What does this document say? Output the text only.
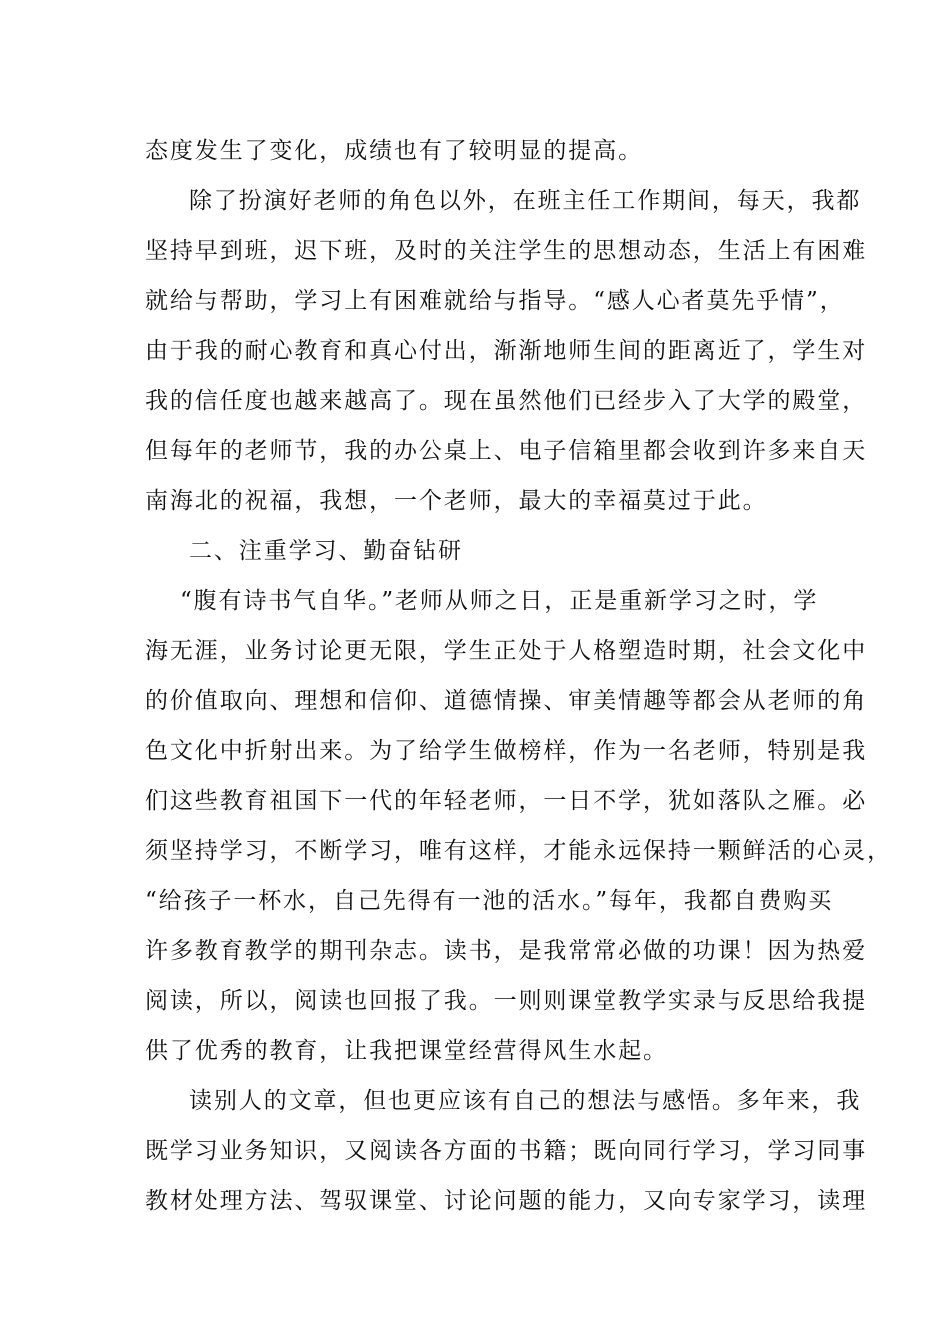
态度发生了变化，成绩也有了较明显的提高。

除了扮演好老师的角色以外，在班主任工作期间，每天，我都

坚持早到班，迟下班，及时的关注学生的思想动态，生活上有困难

就给与帮助，学习上有困难就给与指导。“感人心者莫先乎情”，

由于我的耐心教育和真心付出，渐渐地师生间的距离近了，学生对

我的信任度也越来越高了。现在虽然他们已经步入了大学的殿堂，

但每年的老师节，我的办公桌上、电子信箱里都会收到许多来自天

南海北的祝福，我想，一个老师，最大的幸福莫过于此。

二、注重学习、勤奋钻研

“腹有诗书气自华。”老师从师之日，正是重新学习之时，学

海无涯，业务讨论更无限，学生正处于人格塑造时期，社会文化中

的价值取向、理想和信仰、道德情操、审美情趣等都会从老师的角

色文化中折射出来。为了给学生做榜样，作为一名老师，特别是我

们这些教育祖国下一代的年轻老师，一日不学，犹如落队之雁。必

须坚持学习，不断学习，唯有这样，才能永远保持一颗鲜活的心灵，

“给孩子一杯水，自己先得有一池的活水。”每年，我都自费购买

许多教育教学的期刊杂志。读书，是我常常必做的功课！因为热爱

阅读，所以，阅读也回报了我。一则则课堂教学实录与反思给我提

供了优秀的教育，让我把课堂经营得风生水起。

读别人的文章，但也更应该有自己的想法与感悟。多年来，我

既学习业务知识，又阅读各方面的书籍；既向同行学习，学习同事

教材处理方法、驾驭课堂、讨论问题的能力，又向专家学习，读理
